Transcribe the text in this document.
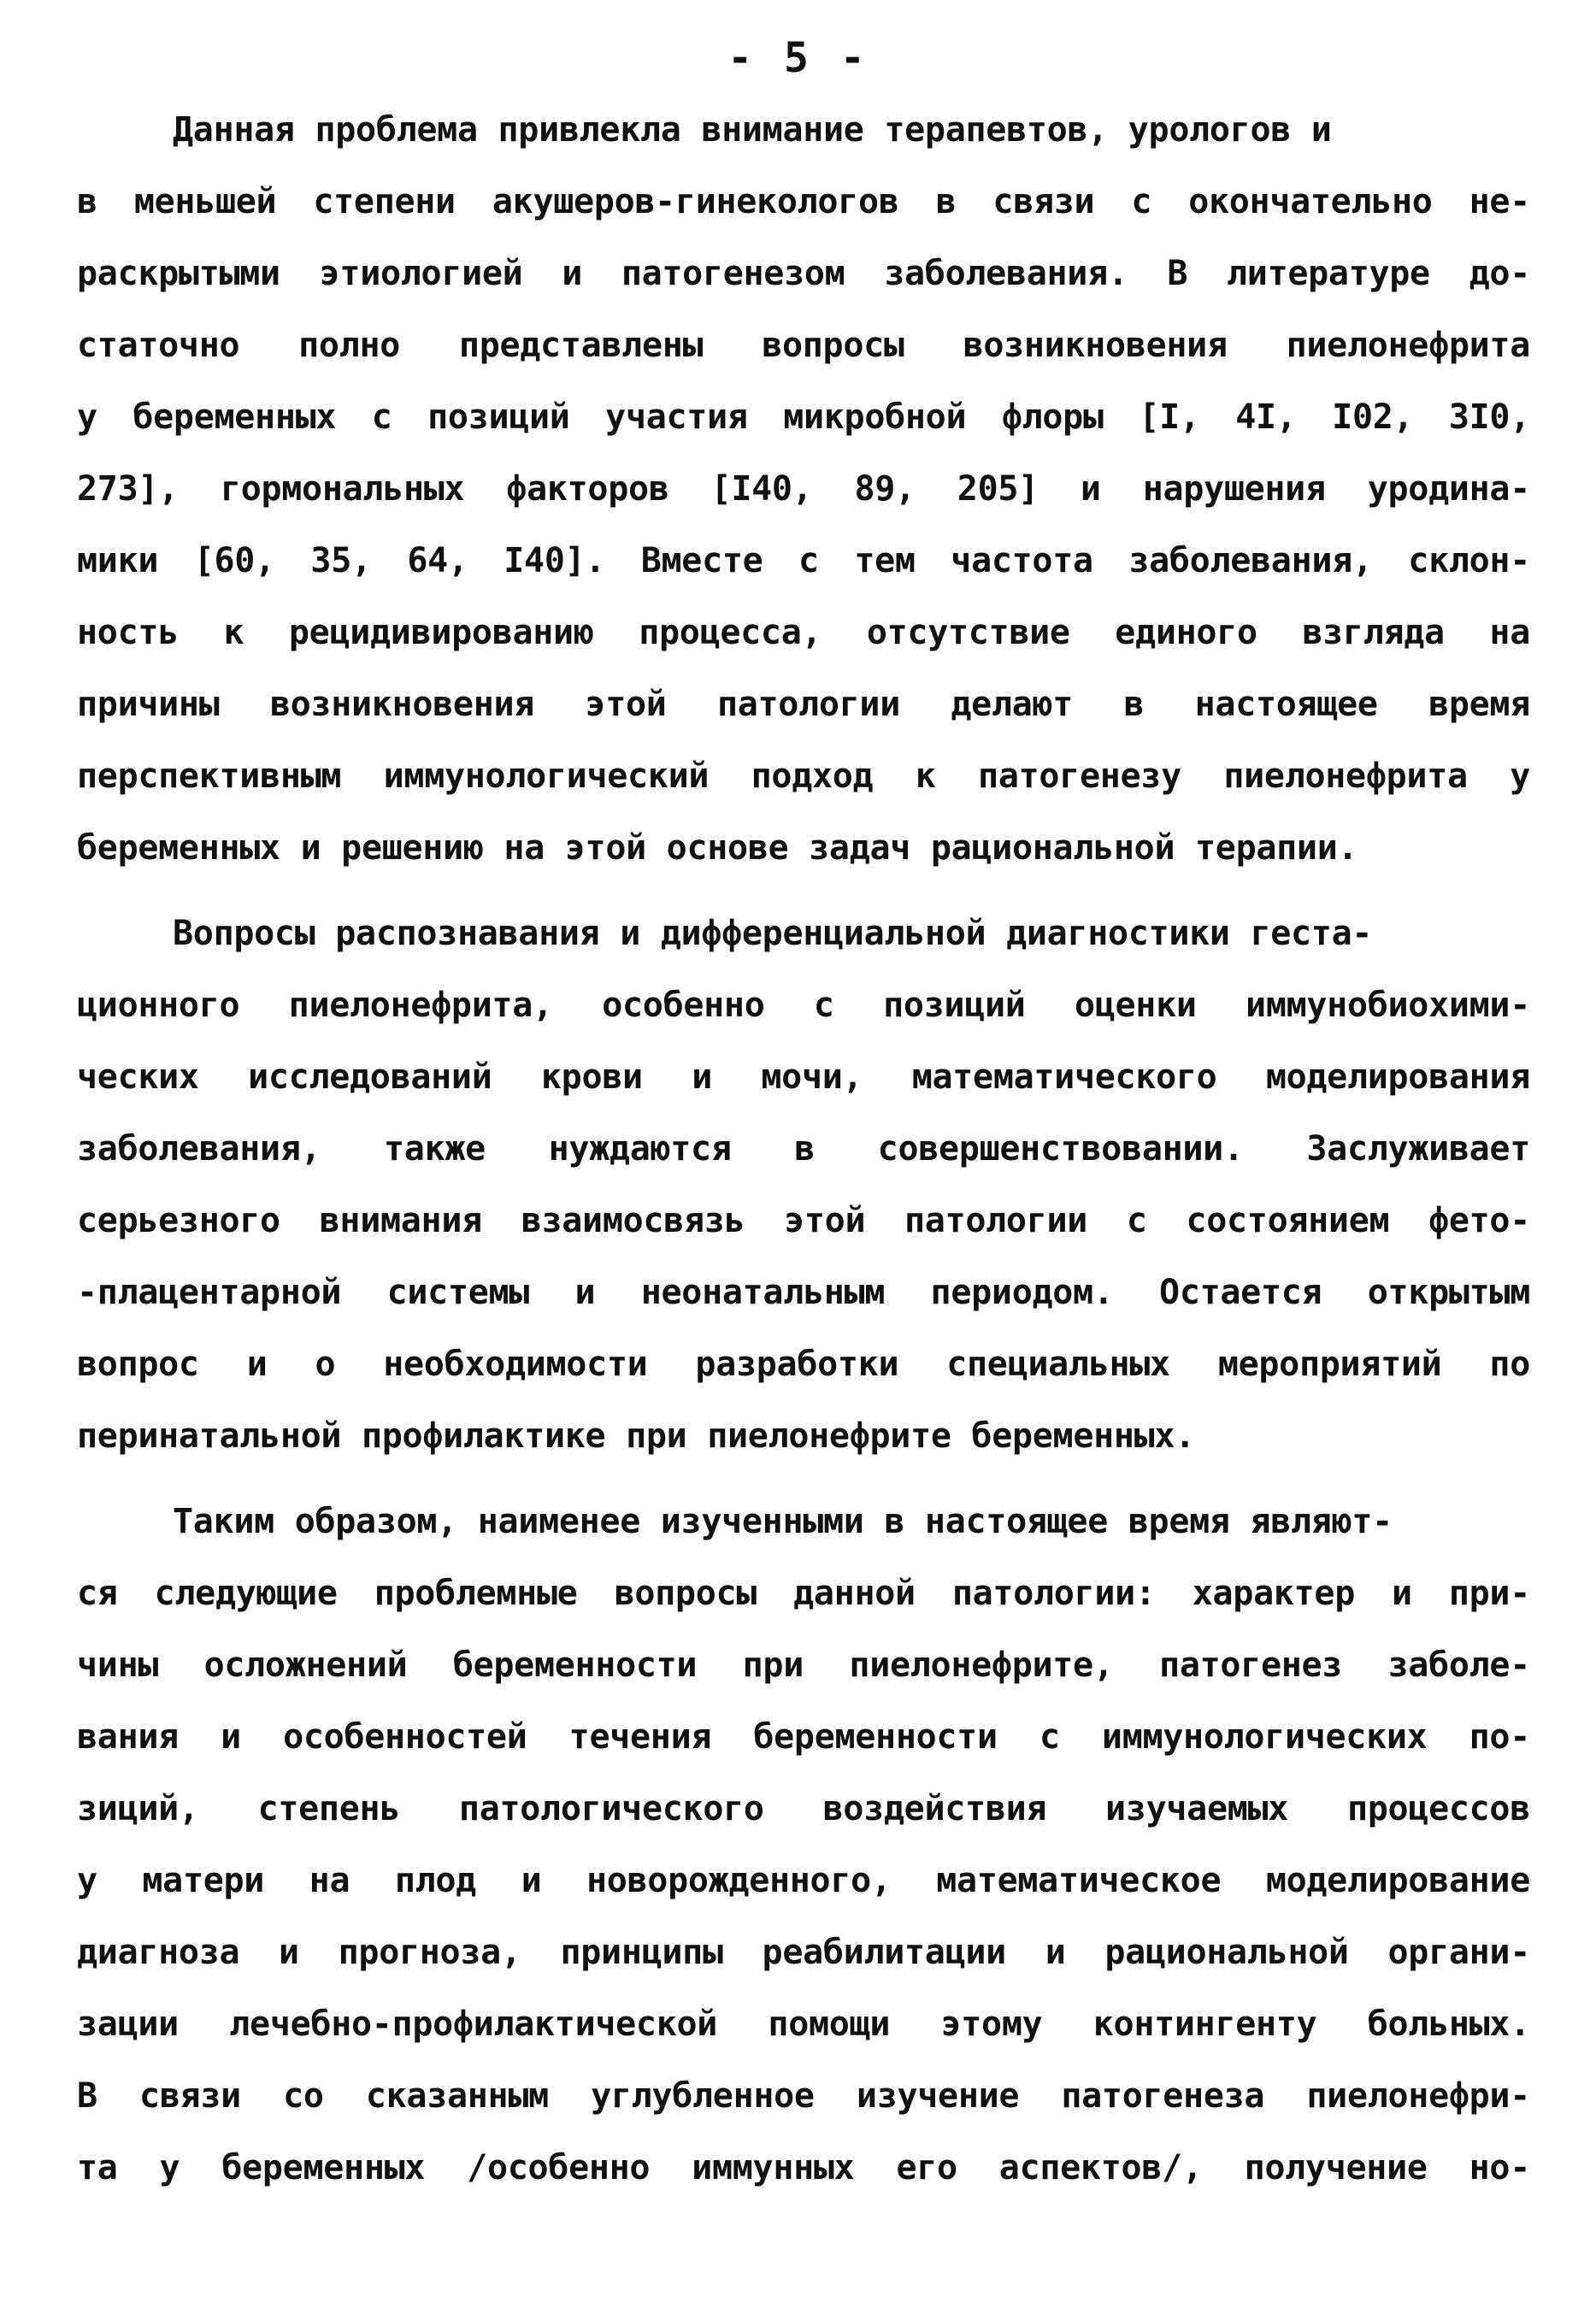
- 5 -
Данная проблема привлекла внимание терапевтов, урологов и
в меньшей степени акушеров-гинекологов в связи с окончательно не-
раскрытыми этиологией и патогенезом заболевания. В литературе до-
статочно полно представлены вопросы возникновения пиелонефрита
у беременных с позиций участия микробной флоры [I, 4I, I02, 3I0,
273], гормональных факторов [I40, 89, 205] и нарушения уродина-
мики [60, 35, 64, I40]. Вместе с тем частота заболевания, склон-
ность к рецидивированию процесса, отсутствие единого взгляда на
причины возникновения этой патологии делают в настоящее время
перспективным иммунологический подход к патогенезу пиелонефрита у
беременных и решению на этой основе задач рациональной терапии.
Вопросы распознавания и дифференциальной диагностики геста-
ционного пиелонефрита, особенно с позиций оценки иммунобиохими-
ческих исследований крови и мочи, математического моделирования
заболевания, также нуждаются в совершенствовании. Заслуживает
серьезного внимания взаимосвязь этой патологии с состоянием фето-
-плацентарной системы и неонатальным периодом. Остается открытым
вопрос и о необходимости разработки специальных мероприятий по
перинатальной профилактике при пиелонефрите беременных.
Таким образом, наименее изученными в настоящее время являют-
ся следующие проблемные вопросы данной патологии: характер и при-
чины осложнений беременности при пиелонефрите, патогенез заболе-
вания и особенностей течения беременности с иммунологических по-
зиций, степень патологического воздействия изучаемых процессов
у матери на плод и новорожденного, математическое моделирование
диагноза и прогноза, принципы реабилитации и рациональной органи-
зации лечебно-профилактической помощи этому контингенту больных.
В связи со сказанным углубленное изучение патогенеза пиелонефри-
та у беременных /особенно иммунных его аспектов/, получение но-
